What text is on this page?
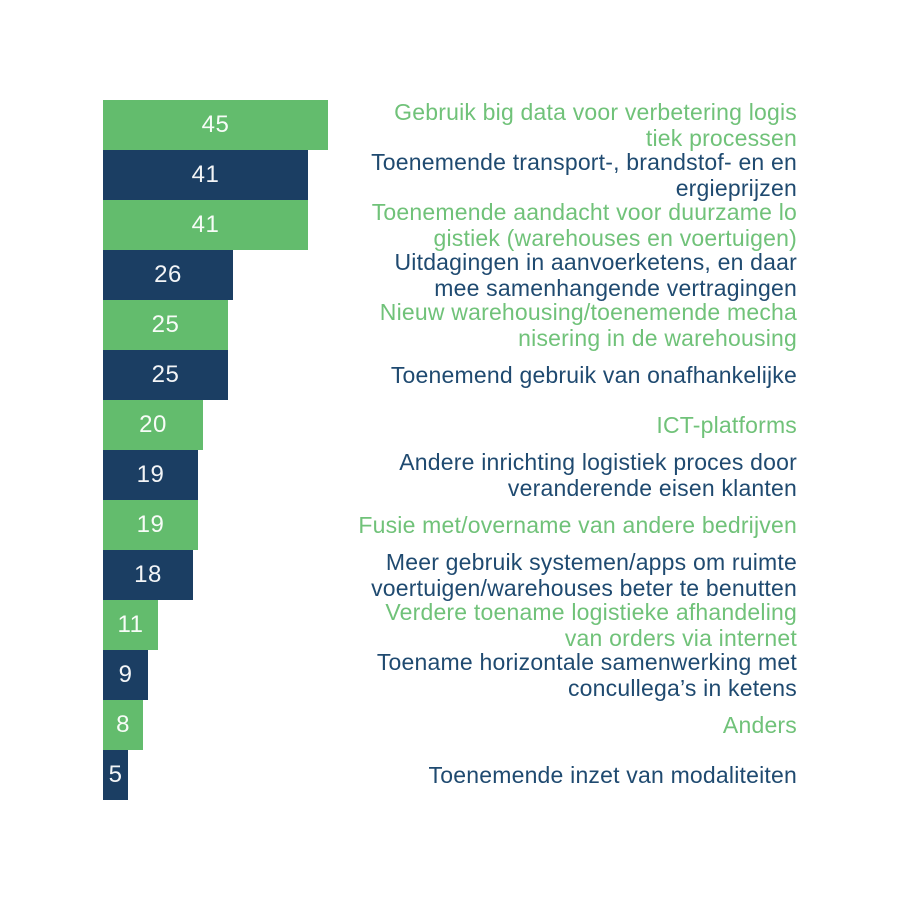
45	Gebruik big data voor verbetering logis
tiek processen
41	Toenemende transport-, brandstof- en en
ergieprijzen
41	Toenemende aandacht voor duurzame lo
gistiek (warehouses en voertuigen)
26	Uitdagingen in aanvoerketens, en daar
mee samenhangende vertragingen
25	Nieuw warehousing/toenemende mecha
nisering in de warehousing
25	Toenemend gebruik van onafhankelijke
20	ICT-platforms
19	Andere inrichting logistiek proces door
veranderende eisen klanten
19	Fusie met/overname van andere bedrijven
18	Meer gebruik systemen/apps om ruimte
voertuigen/warehouses beter te benutten
11	Verdere toename logistieke afhandeling
van orders via internet
9	Toename horizontale samenwerking met
concullega’s in ketens
8	Anders
5	Toenemende inzet van modaliteiten
